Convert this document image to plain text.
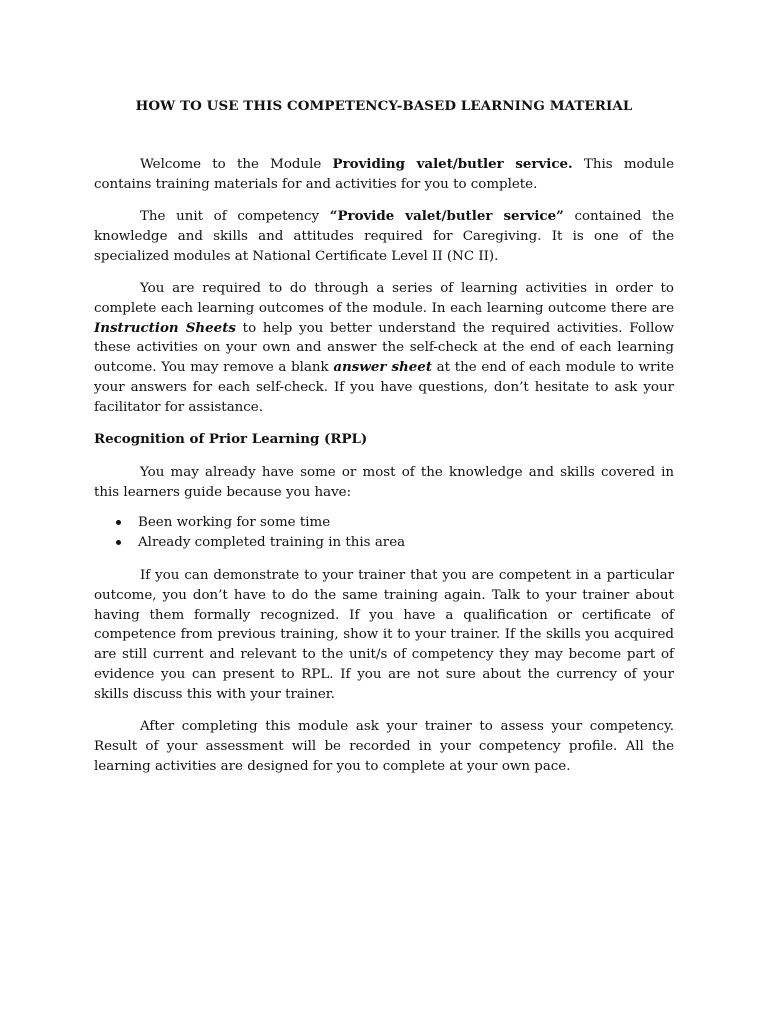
HOW TO USE THIS COMPETENCY-BASED LEARNING MATERIAL

Welcome to the Module Providing valet/butler service. This module contains training materials for and activities for you to complete.

The unit of competency “Provide valet/butler service” contained the knowledge and skills and attitudes required for Caregiving. It is one of the specialized modules at National Certificate Level II (NC II).

You are required to do through a series of learning activities in order to complete each learning outcomes of the module. In each learning outcome there are Instruction Sheets to help you better understand the required activities. Follow these activities on your own and answer the self-check at the end of each learning outcome. You may remove a blank answer sheet at the end of each module to write your answers for each self-check. If you have questions, don’t hesitate to ask your facilitator for assistance.

Recognition of Prior Learning (RPL)

You may already have some or most of the knowledge and skills covered in this learners guide because you have:

Been working for some time
Already completed training in this area

If you can demonstrate to your trainer that you are competent in a particular outcome, you don’t have to do the same training again. Talk to your trainer about having them formally recognized. If you have a qualification or certificate of competence from previous training, show it to your trainer. If the skills you acquired are still current and relevant to the unit/s of competency they may become part of evidence you can present to RPL. If you are not sure about the currency of your skills discuss this with your trainer.

After completing this module ask your trainer to assess your competency. Result of your assessment will be recorded in your competency profile. All the learning activities are designed for you to complete at your own pace.
